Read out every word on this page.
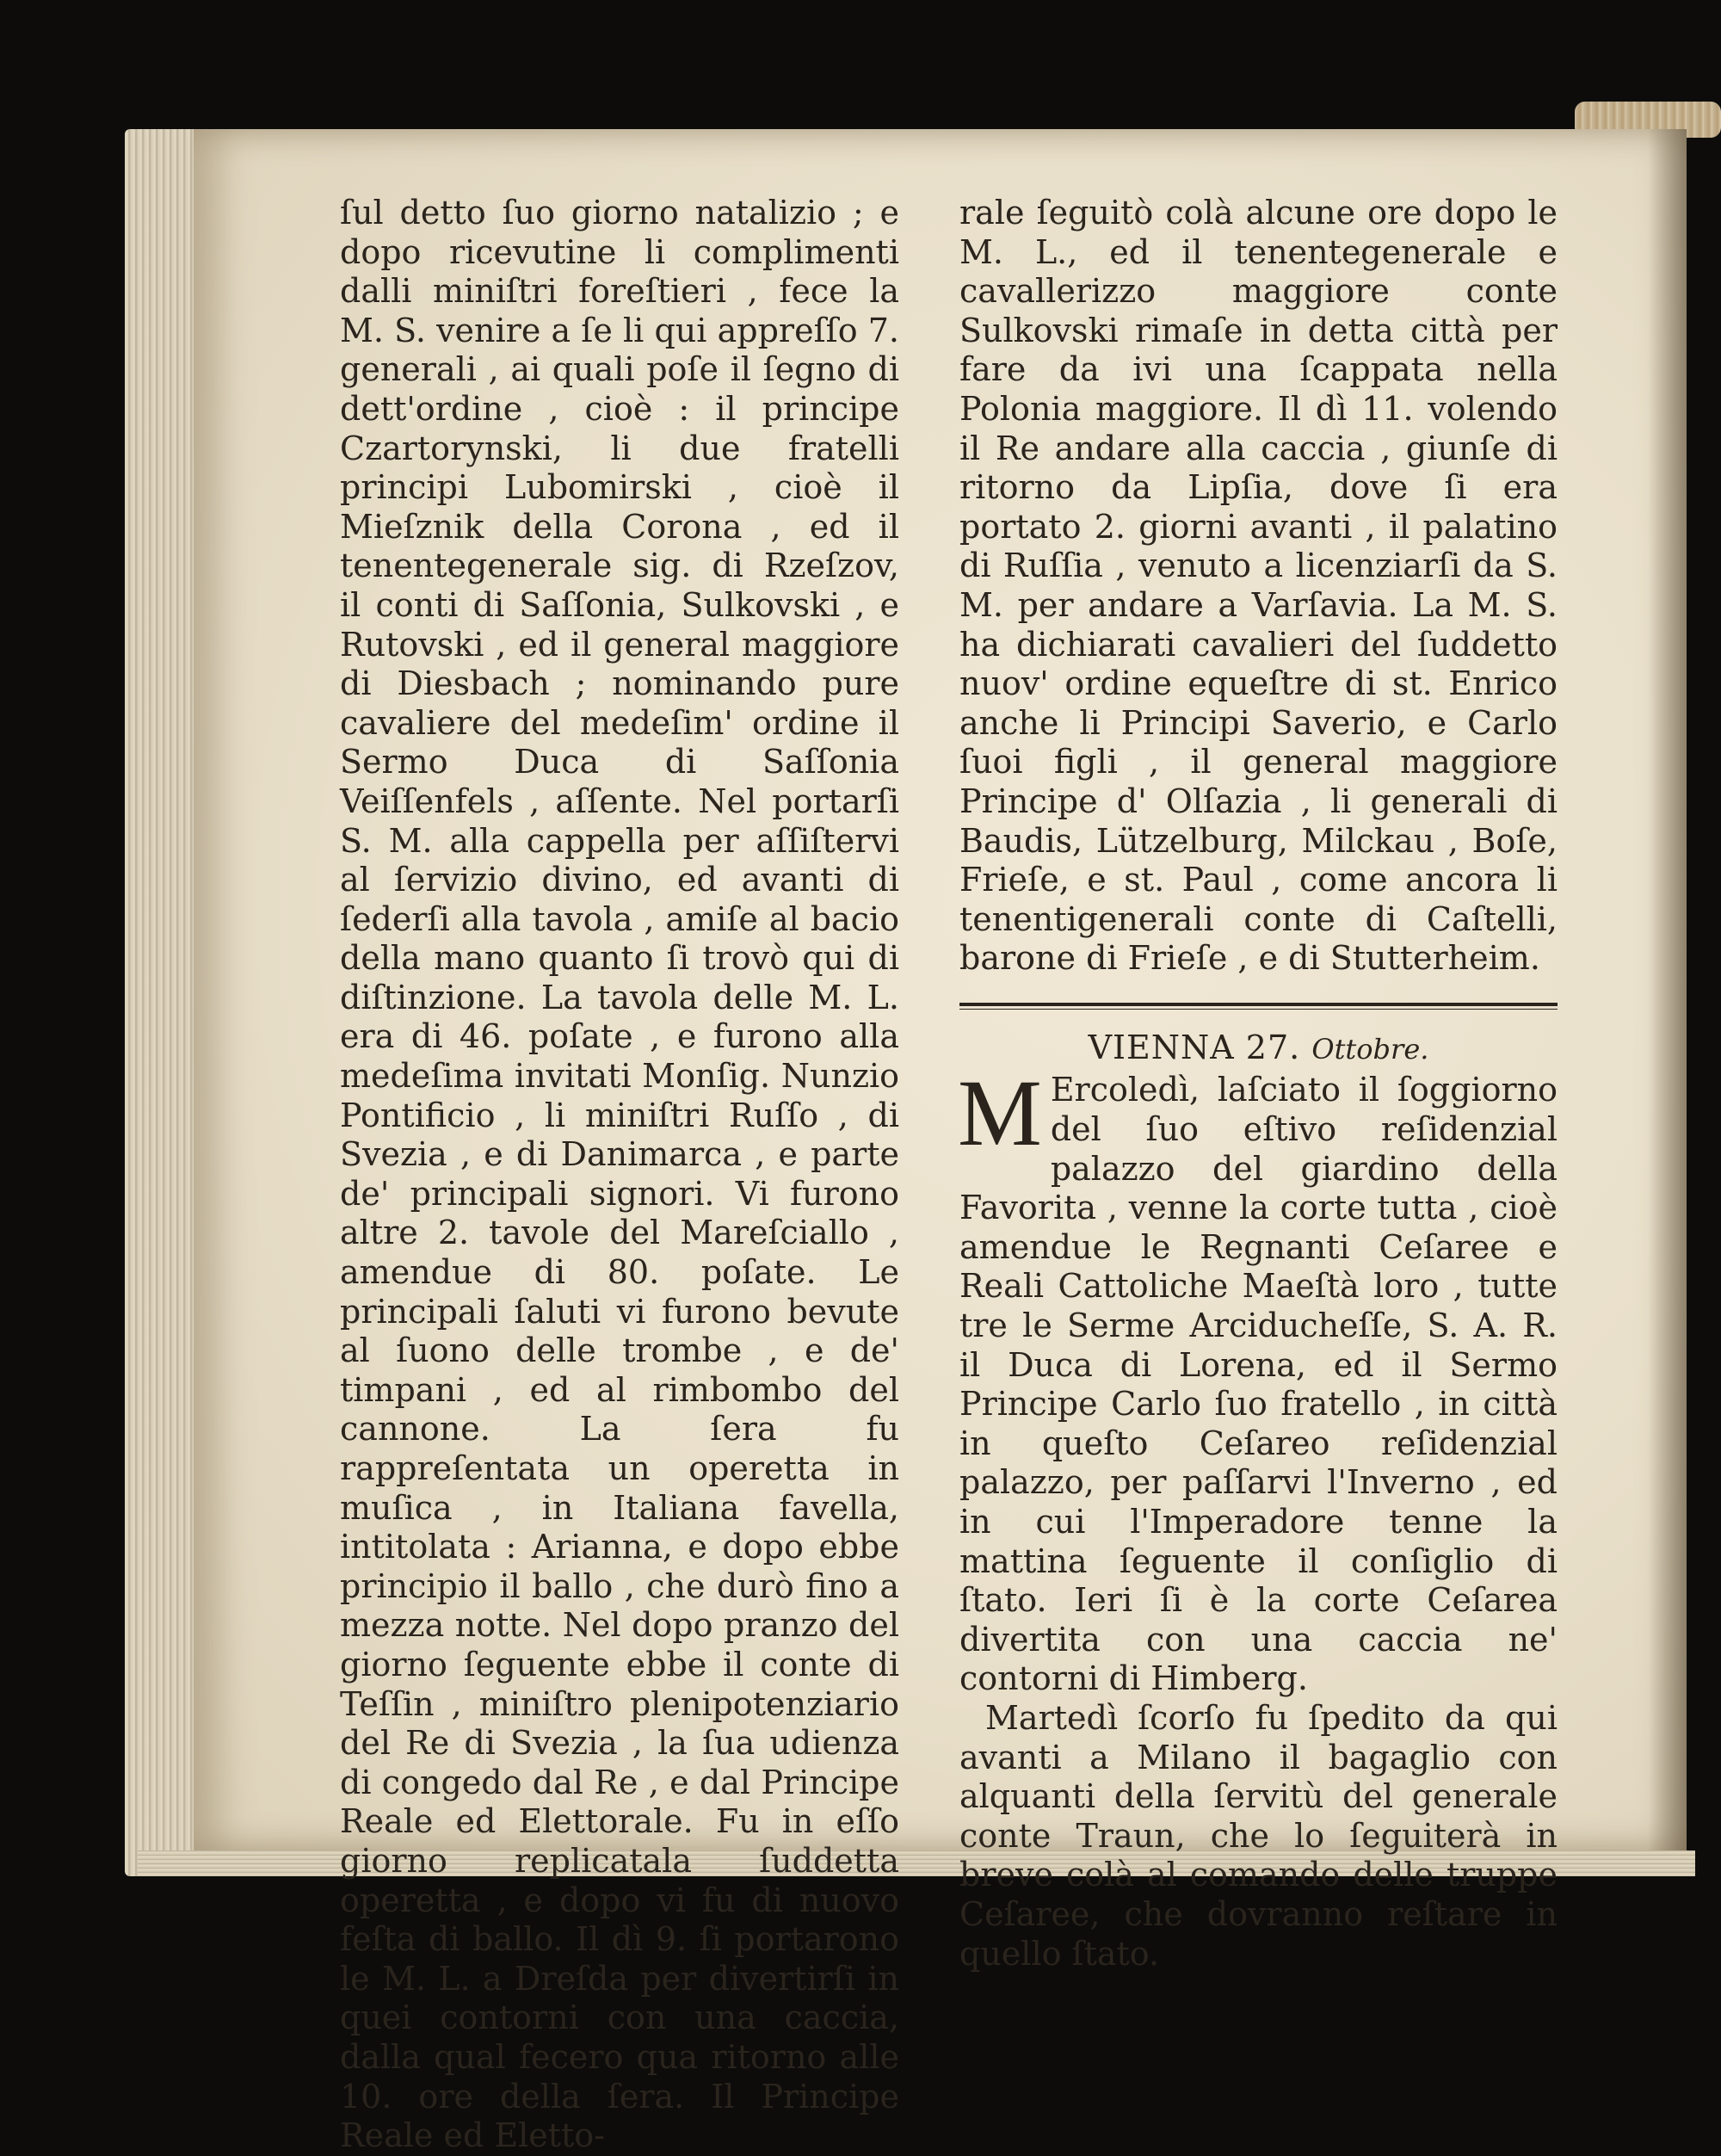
ſul detto ſuo giorno natalizio ; e dopo ricevutine li complimenti dalli miniſtri foreſtieri , fece la M. S. venire a ſe li qui appreſſo 7. generali , ai quali poſe il ſegno di dett'ordine , cioè : il principe Czartorynski, li due fratelli principi Lubomirski , cioè il Mieſznik della Corona , ed il tenentegenerale sig. di Rzeſzov, il conti di Saſſonia, Sulkovski , e Rutovski , ed il general maggiore di Diesbach ; nominando pure cavaliere del medeſim' ordine il Sermo Duca di Saſſonia Veiſſenfels , aſſente. Nel portarſi S. M. alla cappella per aſſiſtervi al ſervizio divino, ed avanti di ſederſi alla tavola , amiſe al bacio della mano quanto ſi trovò qui di diſtinzione. La tavola delle M. L. era di 46. poſate , e furono alla medeſima invitati Monſig. Nunzio Pontificio , li miniſtri Ruſſo , di Svezia , e di Danimarca , e parte de' principali signori. Vi furono altre 2. tavole del Mareſciallo , amendue di 80. poſate. Le principali ſaluti vi furono bevute al ſuono delle trombe , e de' timpani , ed al rimbombo del cannone. La ſera fu rappreſentata un operetta in muſica , in Italiana favella, intitolata : Arianna, e dopo ebbe principio il ballo , che durò fino a mezza notte. Nel dopo pranzo del giorno ſeguente ebbe il conte di Teſſin , miniſtro plenipotenziario del Re di Svezia , la ſua udienza di congedo dal Re , e dal Principe Reale ed Elettorale. Fu in eſſo giorno replicatala ſuddetta operetta , e dopo vi fu di nuovo feſta di ballo. Il dì 9. ſi portarono le M. L. a Dreſda per divertirſi in quei contorni con una caccia, dalla qual fecero qua ritorno alle 10. ore della ſera. Il Principe Reale ed Eletto-

rale ſeguitò colà alcune ore dopo le M. L., ed il tenentegenerale e cavallerizzo maggiore conte Sulkovski rimaſe in detta città per fare da ivi una ſcappata nella Polonia maggiore. Il dì 11. volendo il Re andare alla caccia , giunſe di ritorno da Lipſia, dove ſi era portato 2. giorni avanti , il palatino di Ruſſia , venuto a licenziarſi da S. M. per andare a Varſavia. La M. S. ha dichiarati cavalieri del ſuddetto nuov' ordine equeſtre di st. Enrico anche li Principi Saverio, e Carlo ſuoi figli , il general maggiore Principe d' Olſazia , li generali di Baudis, Lützelburg, Milckau , Boſe, Frieſe, e st. Paul , come ancora li tenentigenerali conte di Caſtelli, barone di Frieſe , e di Stutterheim.

VIENNA 27. Ottobre.

M Ercoledì, laſciato il ſoggiorno del ſuo eſtivo reſidenzial palazzo del giardino della Favorita , venne la corte tutta , cioè amendue le Regnanti Ceſaree e Reali Cattoliche Maeſtà loro , tutte tre le Serme Arciducheſſe, S. A. R. il Duca di Lorena, ed il Sermo Principe Carlo ſuo fratello , in città in queſto Ceſareo reſidenzial palazzo, per paſſarvi l'Inverno , ed in cui l'Imperadore tenne la mattina ſeguente il conſiglio di ſtato. Ieri ſi è la corte Ceſarea divertita con una caccia ne' contorni di Himberg.

Martedì ſcorſo fu ſpedito da qui avanti a Milano il bagaglio con alquanti della ſervitù del generale conte Traun, che lo ſeguiterà in breve colà al comando delle truppe Ceſaree, che dovranno reſtare in quello ſtato.
